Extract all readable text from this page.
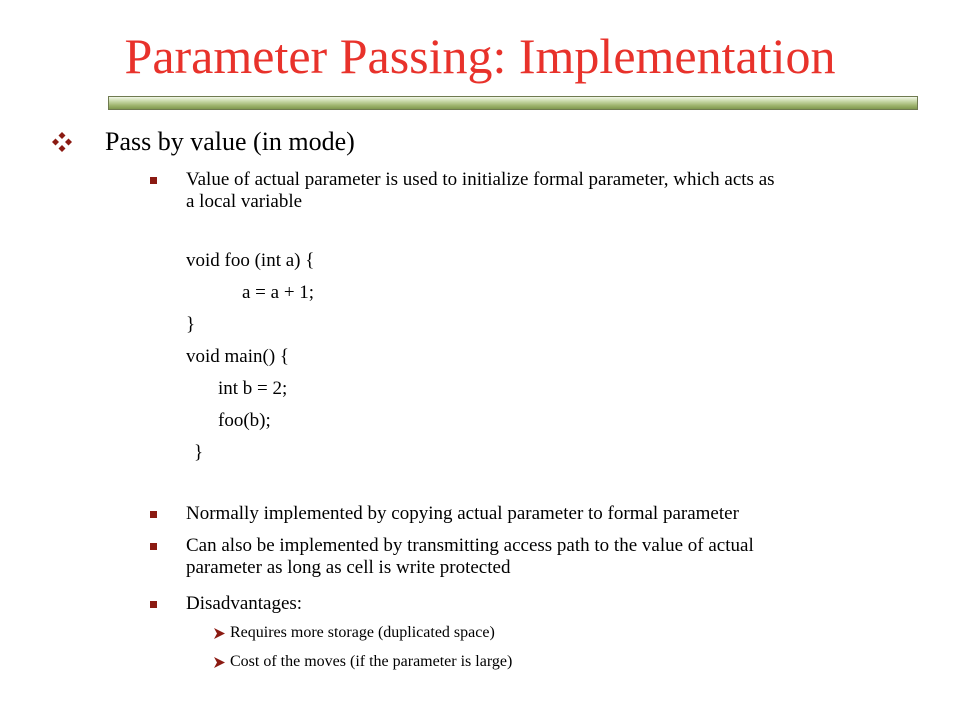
Parameter Passing: Implementation
Pass by value (in mode)
Value of actual parameter is used to initialize formal parameter, which acts as
a local variable
void foo (int a) {
a = a + 1;
}
void main() {
int b = 2;
foo(b);
}
Normally implemented by copying actual parameter to formal parameter
Can also be implemented by transmitting access path to the value of actual
parameter as long as cell is write protected
Disadvantages:
Requires more storage (duplicated space)
Cost of the moves (if the parameter is large)
